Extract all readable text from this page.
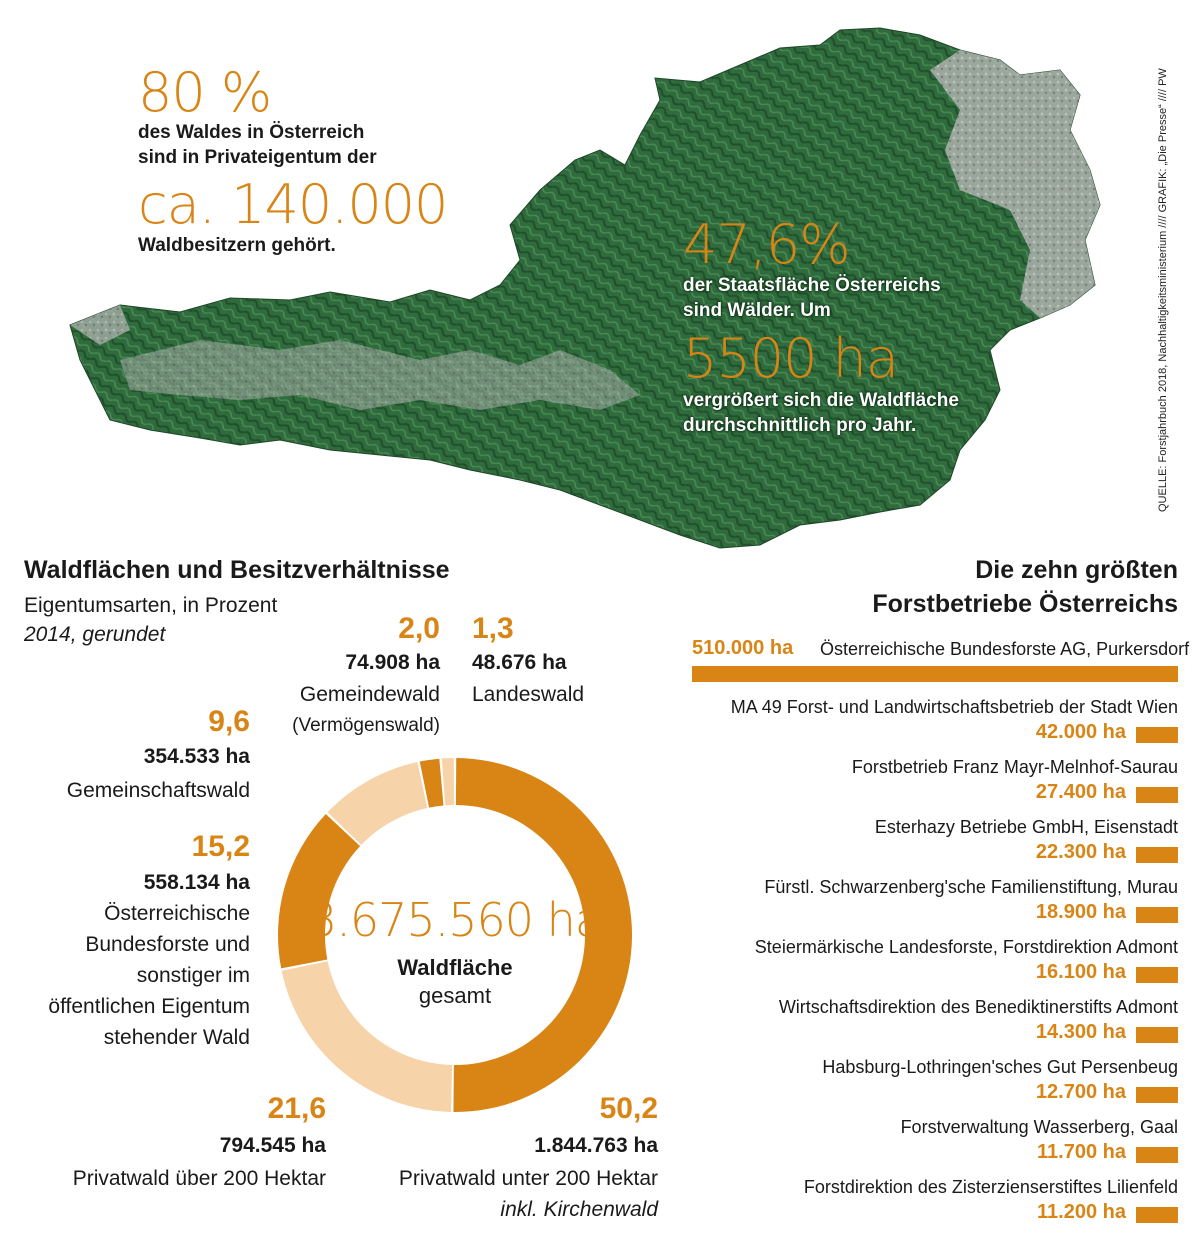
QUELLE: Forstjahrbuch 2018, Nachhaltigkeitsministerium //// GRAFIK: „Die Presse“ //// PW
80 %
des Waldes in Österreich
sind in Privateigentum der
ca. 140.000
Waldbesitzern gehört.	47,6%
der Staatsfläche Österreichs
sind Wälder. Um
5500 ha
vergrößert sich die Waldfläche
durchschnittlich pro Jahr.
Waldflächen und Besitzverhältnisse
Eigentumsarten, in Prozent
2014, gerundet
3.675.560 ha
Waldfläche
gesamt
2,0
74.908 ha
Gemeindewald
(Vermögenswald)
1,3
48.676 ha
Landeswald
9,6
354.533 ha
Gemeinschaftswald
15,2
558.134 ha
Österreichische
Bundesforste und
sonstiger im
öffentlichen Eigentum
stehender Wald
21,6
794.545 ha
Privatwald über 200 Hektar
50,2
1.844.763 ha
Privatwald unter 200 Hektar
inkl. Kirchenwald
Die zehn größten
Forstbetriebe Österreichs
510.000 ha Österreichische Bundesforste AG, Purkersdorf
MA 49 Forst- und Landwirtschaftsbetrieb der Stadt Wien
42.000 ha
Forstbetrieb Franz Mayr-Melnhof-Saurau
27.400 ha
Esterhazy Betriebe GmbH, Eisenstadt
22.300 ha
Fürstl. Schwarzenberg'sche Familienstiftung, Murau
18.900 ha
Steiermärkische Landesforste, Forstdirektion Admont
16.100 ha
Wirtschaftsdirektion des Benediktinerstifts Admont
14.300 ha
Habsburg-Lothringen'sches Gut Persenbeug
12.700 ha
Forstverwaltung Wasserberg, Gaal
11.700 ha
Forstdirektion des Zisterzienserstiftes Lilienfeld
11.200 ha
